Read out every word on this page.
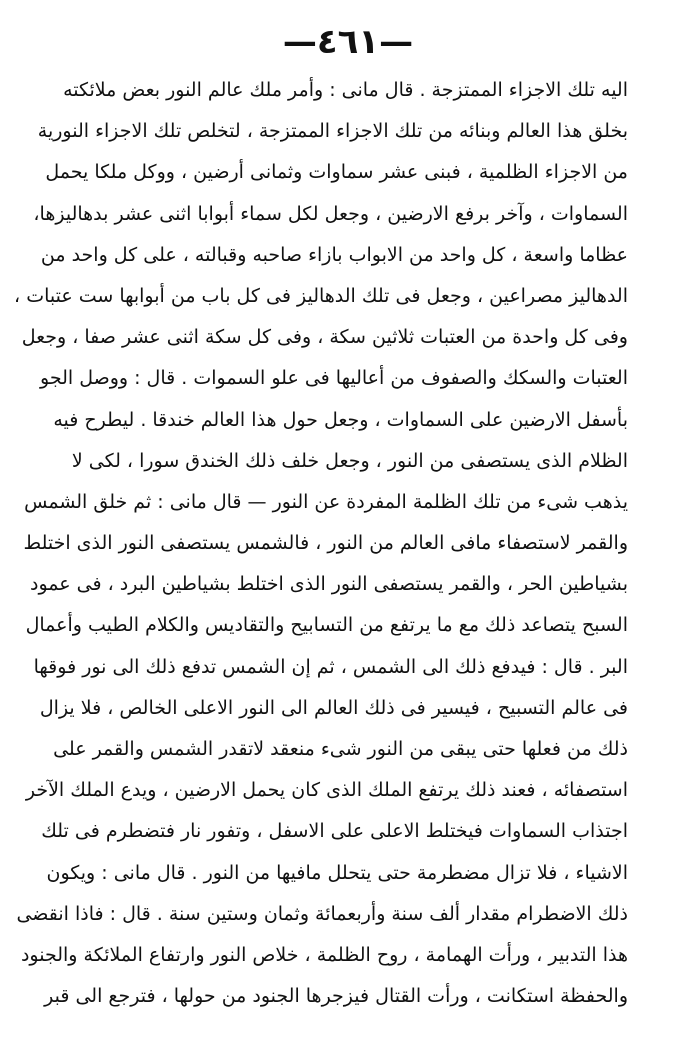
—٤٦١—
اليه تلك الاجزاء الممتزجة . قال مانى : وأمر ملك عالم النور بعض ملائكته
بخلق هذا العالم وبنائه من تلك الاجزاء الممتزجة ، لتخلص تلك الاجزاء النورية
من الاجزاء الظلمية ، فبنى عشر سماوات وثمانى أرضين ، ووكل ملكا يحمل
السماوات ، وآخر برفع الارضين ، وجعل لكل سماء أبوابا اثنى عشر بدهاليزها،
عظاما واسعة ، كل واحد من الابواب بازاء صاحبه وقبالته ، على كل واحد من
الدهاليز مصراعين ، وجعل فى تلك الدهاليز فى كل باب من أبوابها ست عتبات ،
وفى كل واحدة من العتبات ثلاثين سكة ، وفى كل سكة اثنى عشر صفا ، وجعل
العتبات والسكك والصفوف من أعاليها فى علو السموات . قال : ووصل الجو
بأسفل الارضين على السماوات ، وجعل حول هذا العالم خندقا . ليطرح فيه
الظلام الذى يستصفى من النور ، وجعل خلف ذلك الخندق سورا ، لكى لا
يذهب شىء من تلك الظلمة المفردة عن النور — قال مانى : ثم خلق الشمس
والقمر لاستصفاء مافى العالم من النور ، فالشمس يستصفى النور الذى اختلط
بشياطين الحر ، والقمر يستصفى النور الذى اختلط بشياطين البرد ، فى عمود
السبح يتصاعد ذلك مع ما يرتفع من التسابيح والتقاديس والكلام الطيب وأعمال
البر . قال : فيدفع ذلك الى الشمس ، ثم إن الشمس تدفع ذلك الى نور فوقها
فى عالم التسبيح ، فيسير فى ذلك العالم الى النور الاعلى الخالص ، فلا يزال
ذلك من فعلها حتى يبقى من النور شىء منعقد لاتقدر الشمس والقمر على
استصفائه ، فعند ذلك يرتفع الملك الذى كان يحمل الارضين ، ويدع الملك الآخر
اجتذاب السماوات فيختلط الاعلى على الاسفل ، وتفور نار فتضطرم فى تلك
الاشياء ، فلا تزال مضطرمة حتى يتحلل مافيها من النور . قال مانى : ويكون
ذلك الاضطرام مقدار ألف سنة وأربعمائة وثمان وستين سنة . قال : فاذا انقضى
هذا التدبير ، ورأت الهمامة ، روح الظلمة ، خلاص النور وارتفاع الملائكة والجنود
والحفظة استكانت ، ورأت القتال فيزجرها الجنود من حولها ، فترجع الى قبر
